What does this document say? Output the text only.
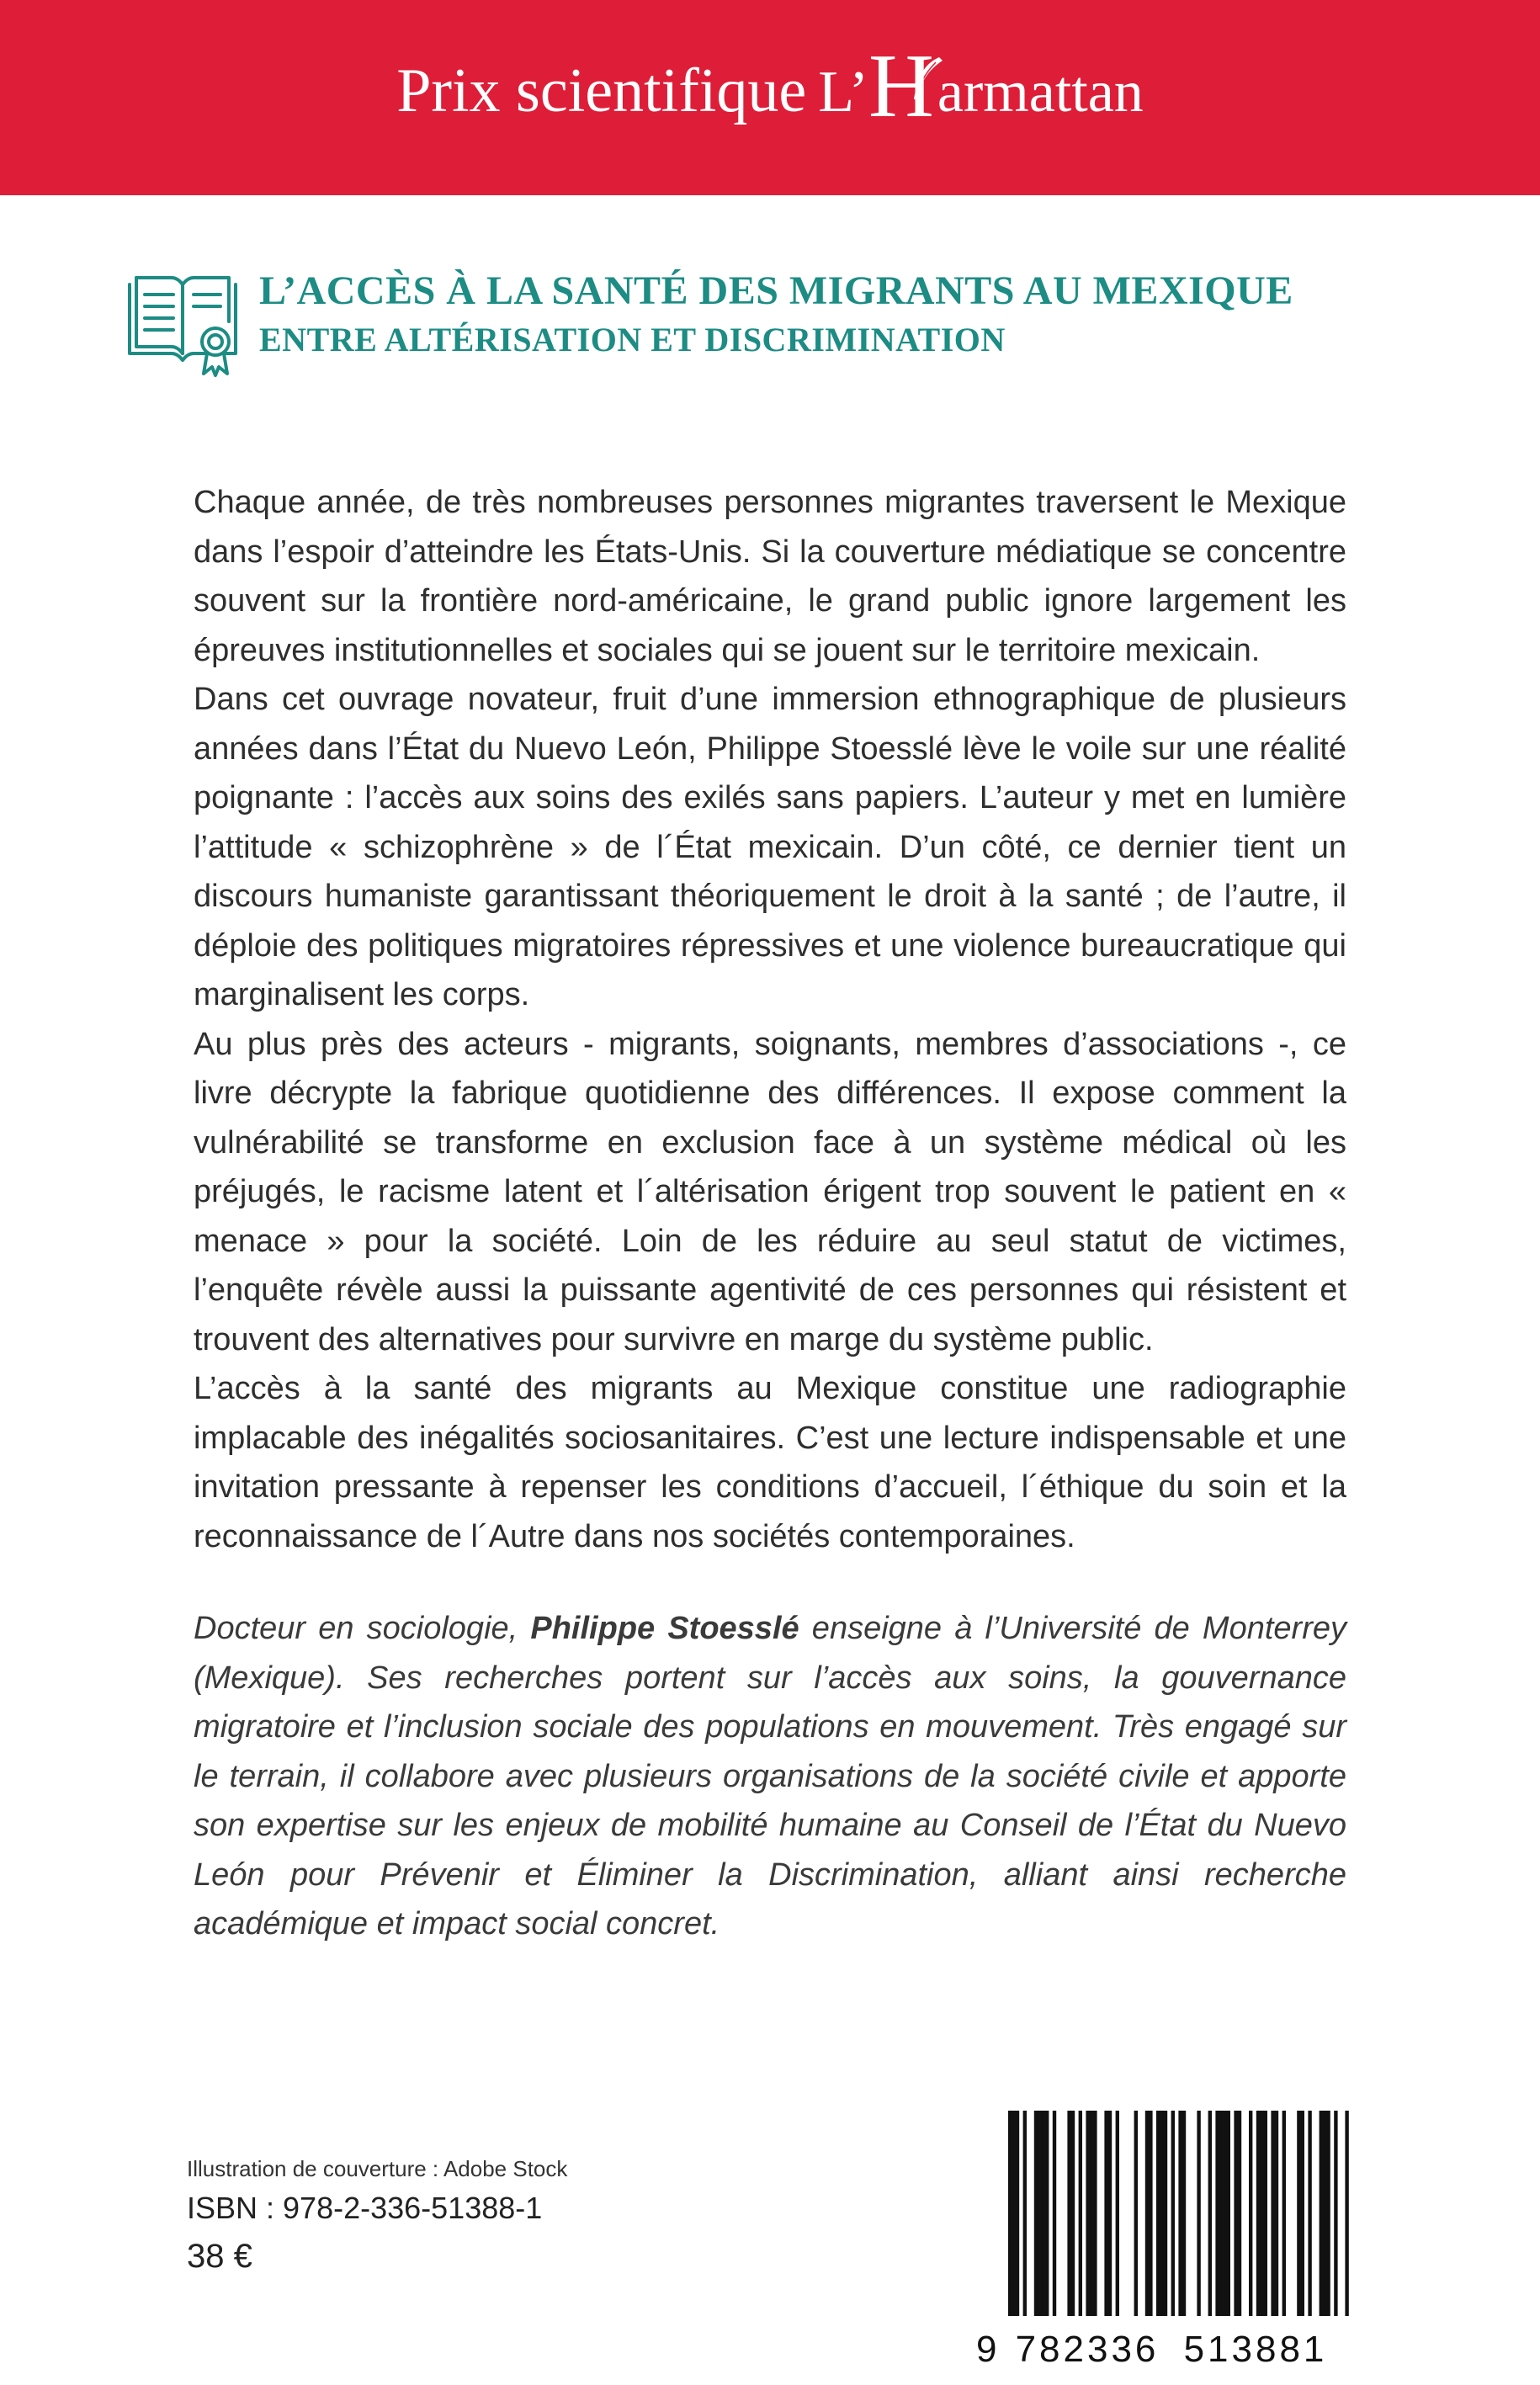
Prix scientifique L’Harmattan
L’ACCÈS À LA SANTÉ DES MIGRANTS AU MEXIQUE
ENTRE ALTÉRISATION ET DISCRIMINATION

Chaque année, de très nombreuses personnes migrantes traversent le Mexique dans l’espoir d’atteindre les États-Unis. Si la couverture médiatique se concentre souvent sur la frontière nord-américaine, le grand public ignore largement les épreuves institutionnelles et sociales qui se jouent sur le territoire mexicain.

Dans cet ouvrage novateur, fruit d’une immersion ethnographique de plusieurs années dans l’État du Nuevo León, Philippe Stoesslé lève le voile sur une réalité poignante : l’accès aux soins des exilés sans papiers. L’auteur y met en lumière l’attitude « schizophrène » de l´État mexicain. D’un côté, ce dernier tient un discours humaniste garantissant théoriquement le droit à la santé ; de l’autre, il déploie des politiques migratoires répressives et une violence bureaucratique qui marginalisent les corps.

Au plus près des acteurs - migrants, soignants, membres d’associations -, ce livre décrypte la fabrique quotidienne des différences. Il expose comment la vulnérabilité se transforme en exclusion face à un système médical où les préjugés, le racisme latent et l´altérisation érigent trop souvent le patient en « menace » pour la société. Loin de les réduire au seul statut de victimes, l’enquête révèle aussi la puissante agentivité de ces personnes qui résistent et trouvent des alternatives pour survivre en marge du système public.

L’accès à la santé des migrants au Mexique constitue une radiographie implacable des inégalités sociosanitaires. C’est une lecture indispensable et une invitation pressante à repenser les conditions d’accueil, l´éthique du soin et la reconnaissance de l´Autre dans nos sociétés contemporaines.

Docteur en sociologie, Philippe Stoesslé enseigne à l’Université de Monterrey (Mexique). Ses recherches portent sur l’accès aux soins, la gouvernance migratoire et l’inclusion sociale des populations en mouvement. Très engagé sur le terrain, il collabore avec plusieurs organisations de la société civile et apporte son expertise sur les enjeux de mobilité humaine au Conseil de l’État du Nuevo León pour Prévenir et Éliminer la Discrimination, alliant ainsi recherche académique et impact social concret.

Illustration de couverture : Adobe Stock
ISBN : 978-2-336-51388-1
38 €
9 782336 513881
